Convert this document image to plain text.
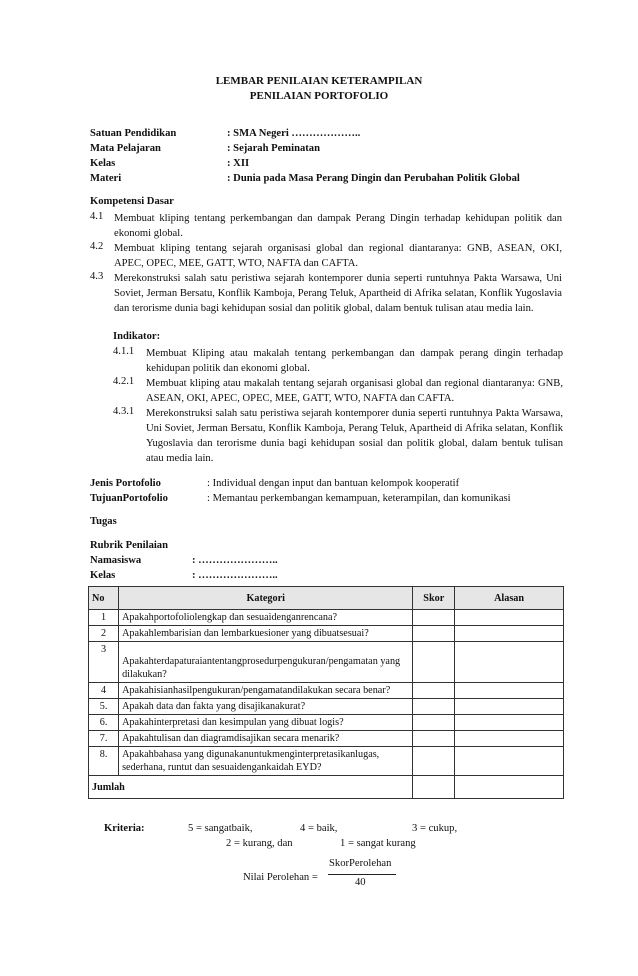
LEMBAR PENILAIAN KETERAMPILAN
PENILAIAN PORTOFOLIO
Satuan Pendidikan	: SMA Negeri ………………..
Mata Pelajaran	: Sejarah Peminatan
Kelas	: XII
Materi	: Dunia pada Masa Perang Dingin dan Perubahan Politik Global
Kompetensi Dasar
4.1 Membuat kliping tentang perkembangan dan dampak Perang Dingin terhadap kehidupan politik dan ekonomi global.
4.2 Membuat kliping tentang sejarah organisasi global dan regional diantaranya: GNB, ASEAN, OKI, APEC, OPEC, MEE, GATT, WTO, NAFTA dan CAFTA.
4.3 Merekonstruksi salah satu peristiwa sejarah kontemporer dunia seperti runtuhnya Pakta Warsawa, Uni Soviet, Jerman Bersatu, Konflik Kamboja, Perang Teluk, Apartheid di Afrika selatan, Konflik Yugoslavia dan terorisme dunia bagi kehidupan sosial dan politik global, dalam bentuk tulisan atau media lain.
Indikator:
4.1.1 Membuat Kliping atau makalah tentang perkembangan dan dampak perang dingin terhadap kehidupan politik dan ekonomi global.
4.2.1 Membuat kliping atau makalah tentang sejarah organisasi global dan regional diantaranya: GNB, ASEAN, OKI, APEC, OPEC, MEE, GATT, WTO, NAFTA dan CAFTA.
4.3.1 Merekonstruksi salah satu peristiwa sejarah kontemporer dunia seperti runtuhnya Pakta Warsawa, Uni Soviet, Jerman Bersatu, Konflik Kamboja, Perang Teluk, Apartheid di Afrika selatan, Konflik Yugoslavia dan terorisme dunia bagi kehidupan sosial dan politik global, dalam bentuk tulisan atau media lain.
Jenis Portofolio	: Individual dengan input dan bantuan kelompok kooperatif
TujuanPortofolio	: Memantau perkembangan kemampuan, keterampilan, dan komunikasi
Tugas
Rubrik Penilaian
Namasiswa	: …………………..
Kelas	: …………………..
No	Kategori	Skor	Alasan
1	Apakahportofoliolengkap dan sesuaidenganrencana?		
2	Apakahlembarisian dan lembarkuesioner yang dibuatsesuai?		
3	Apakahterdapaturaiantentangprosedurpengukuran/pengamatan yang dilakukan?		
4	Apakahisianhasilpengukuran/pengamatandilakukan secara benar?		
5.	Apakah data dan fakta yang disajikanakurat?		
6.	Apakahinterpretasi dan kesimpulan yang dibuat logis?		
7.	Apakahtulisan dan diagramdisajikan secara menarik?		
8.	Apakahbahasa yang digunakanuntukmenginterpretasikanlugas, sederhana, runtut dan sesuaidengankaidah EYD?		
Jumlah			
Kriteria:	5 = sangatbaik,	4 = baik,	3 = cukup,
2 = kurang, dan	1 = sangat kurang
Nilai Perolehan =
SkorPerolehan
40
